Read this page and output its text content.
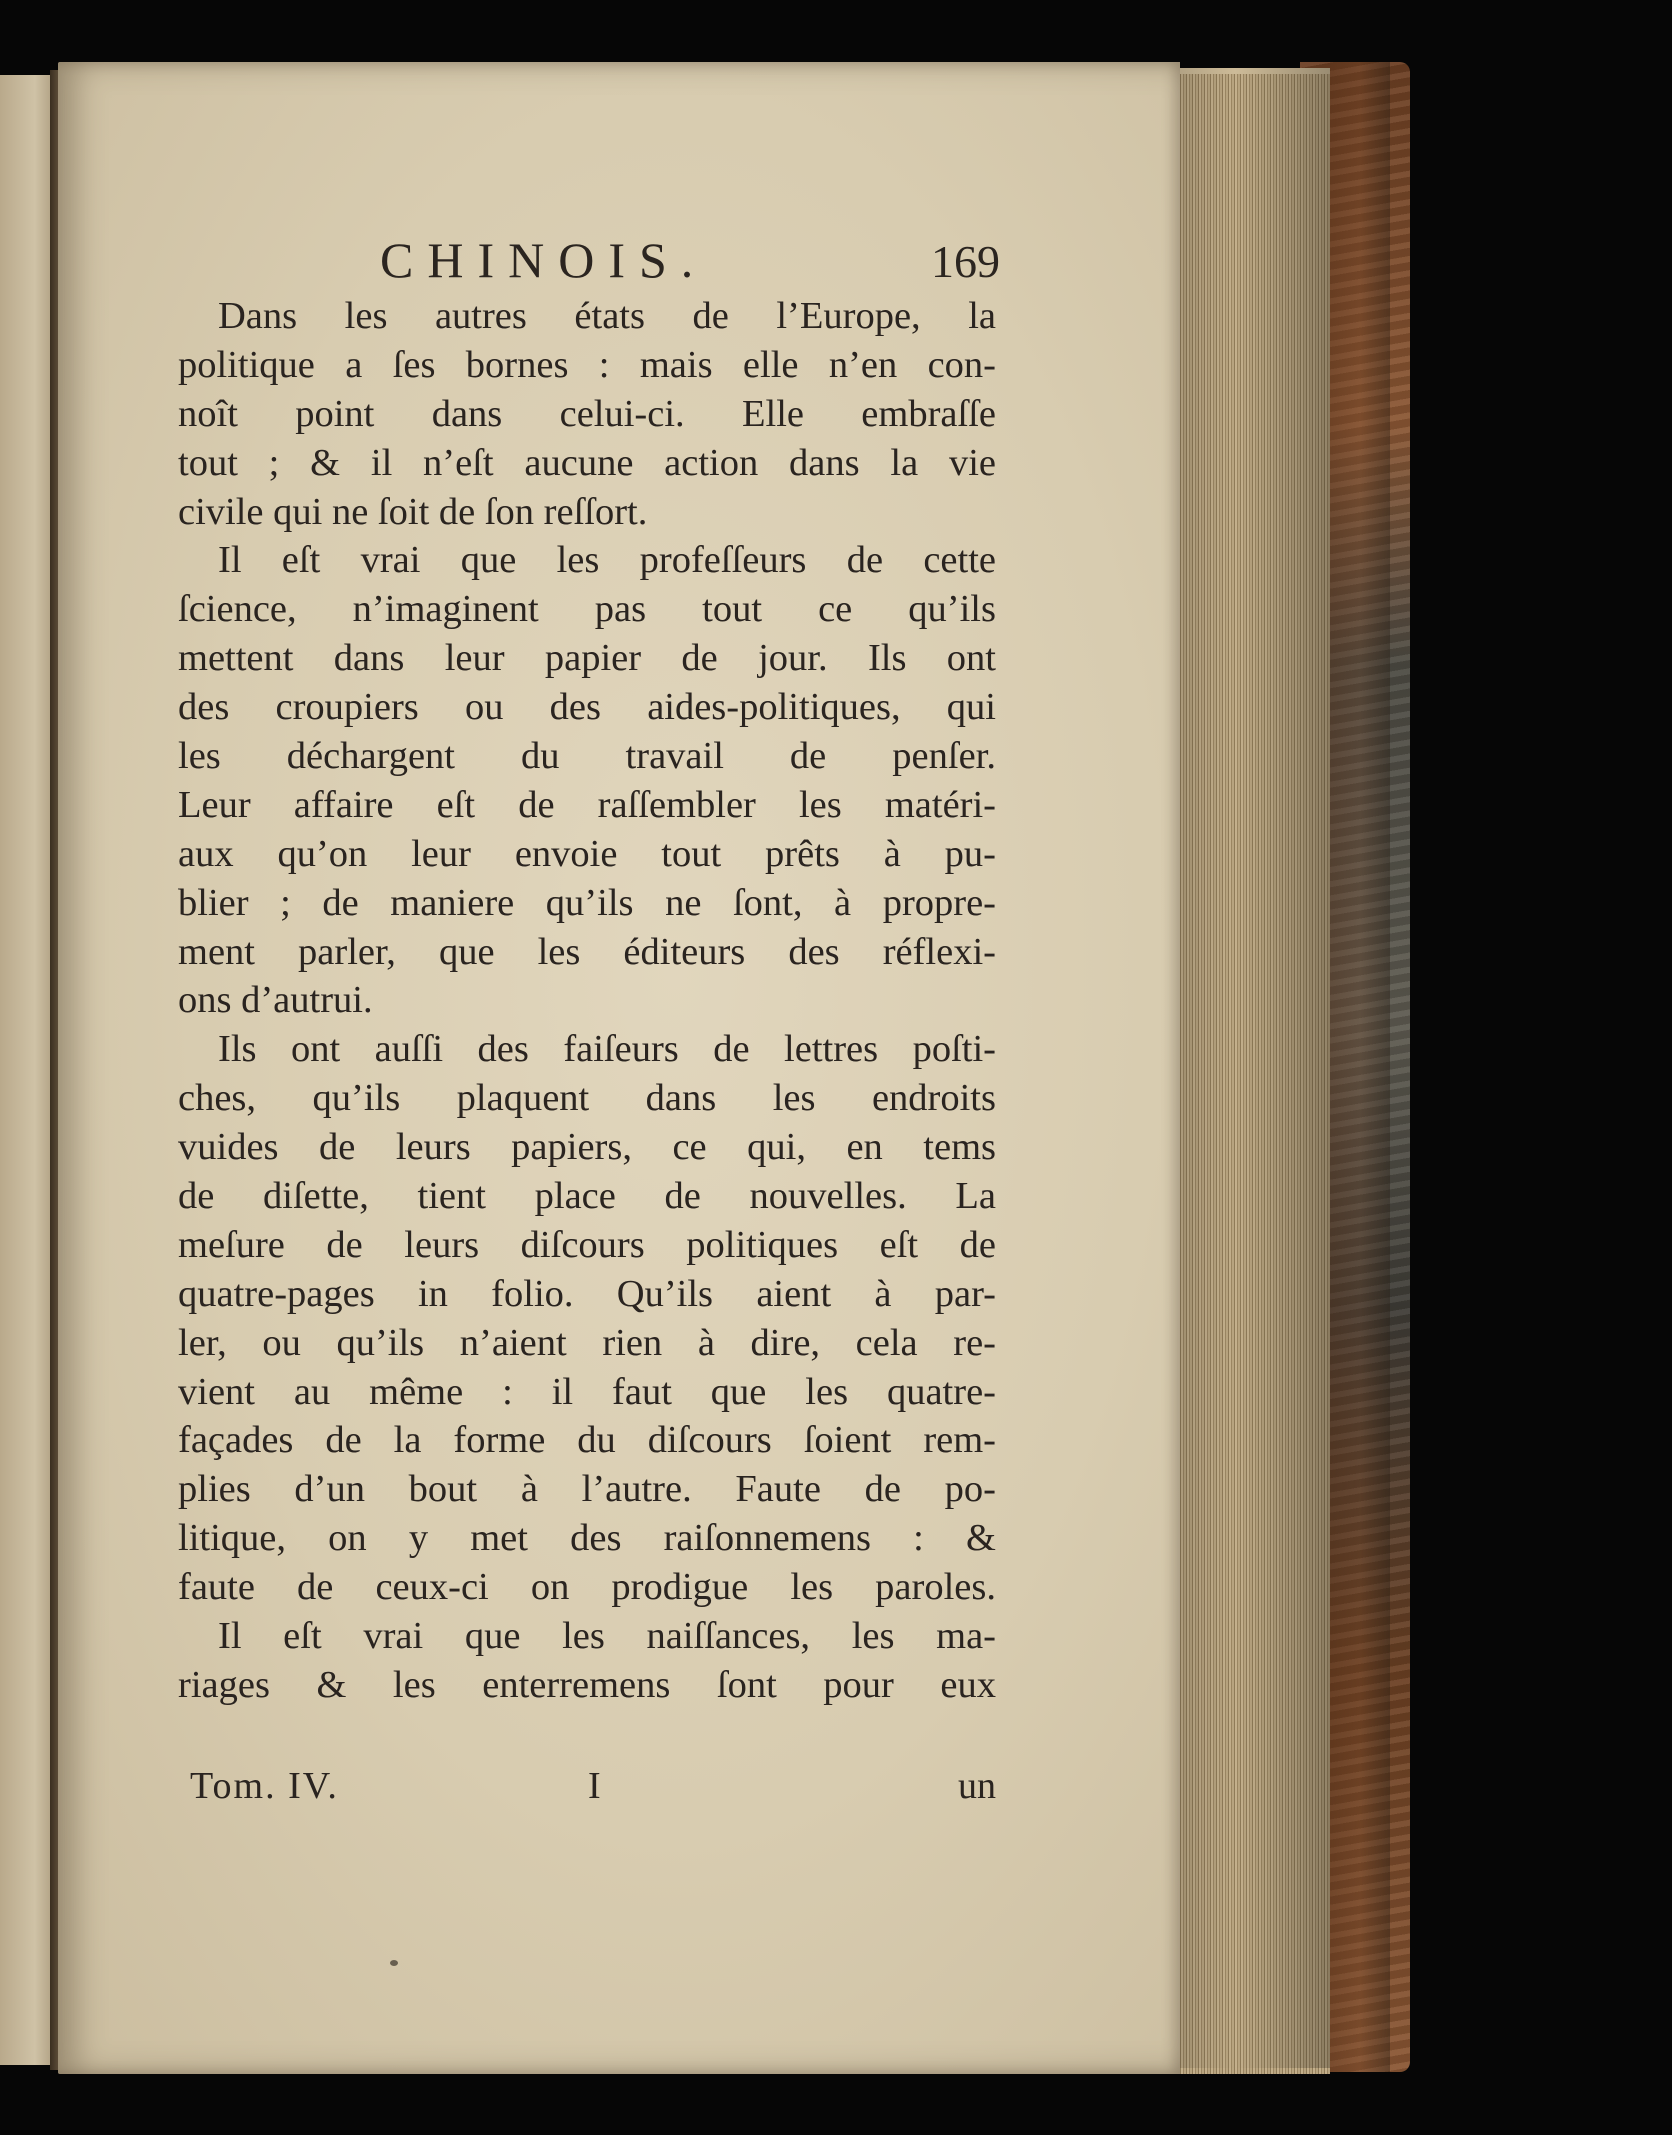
CHINOIS.	169
Dans les autres états de l’Europe, la
politique a ſes bornes : mais elle n’en con-
noît point dans celui-ci. Elle embraſſe
tout ; & il n’eſt aucune action dans la vie
civile qui ne ſoit de ſon reſſort.
Il eſt vrai que les profeſſeurs de cette
ſcience, n’imaginent pas tout ce qu’ils
mettent dans leur papier de jour. Ils ont
des croupiers ou des aides-politiques, qui
les déchargent du travail de penſer.
Leur affaire eſt de raſſembler les matéri-
aux qu’on leur envoie tout prêts à pu-
blier ; de maniere qu’ils ne ſont, à propre-
ment parler, que les éditeurs des réflexi-
ons d’autrui.
Ils ont auſſi des faiſeurs de lettres poſti-
ches, qu’ils plaquent dans les endroits
vuides de leurs papiers, ce qui, en tems
de diſette, tient place de nouvelles. La
meſure de leurs diſcours politiques eſt de
quatre-pages in folio. Qu’ils aient à par-
ler, ou qu’ils n’aient rien à dire, cela re-
vient au même : il faut que les quatre-
façades de la forme du diſcours ſoient rem-
plies d’un bout à l’autre. Faute de po-
litique, on y met des raiſonnemens : &
faute de ceux-ci on prodigue les paroles.
Il eſt vrai que les naiſſances, les ma-
riages & les enterremens ſont pour eux
Tom. IV.	I	un
